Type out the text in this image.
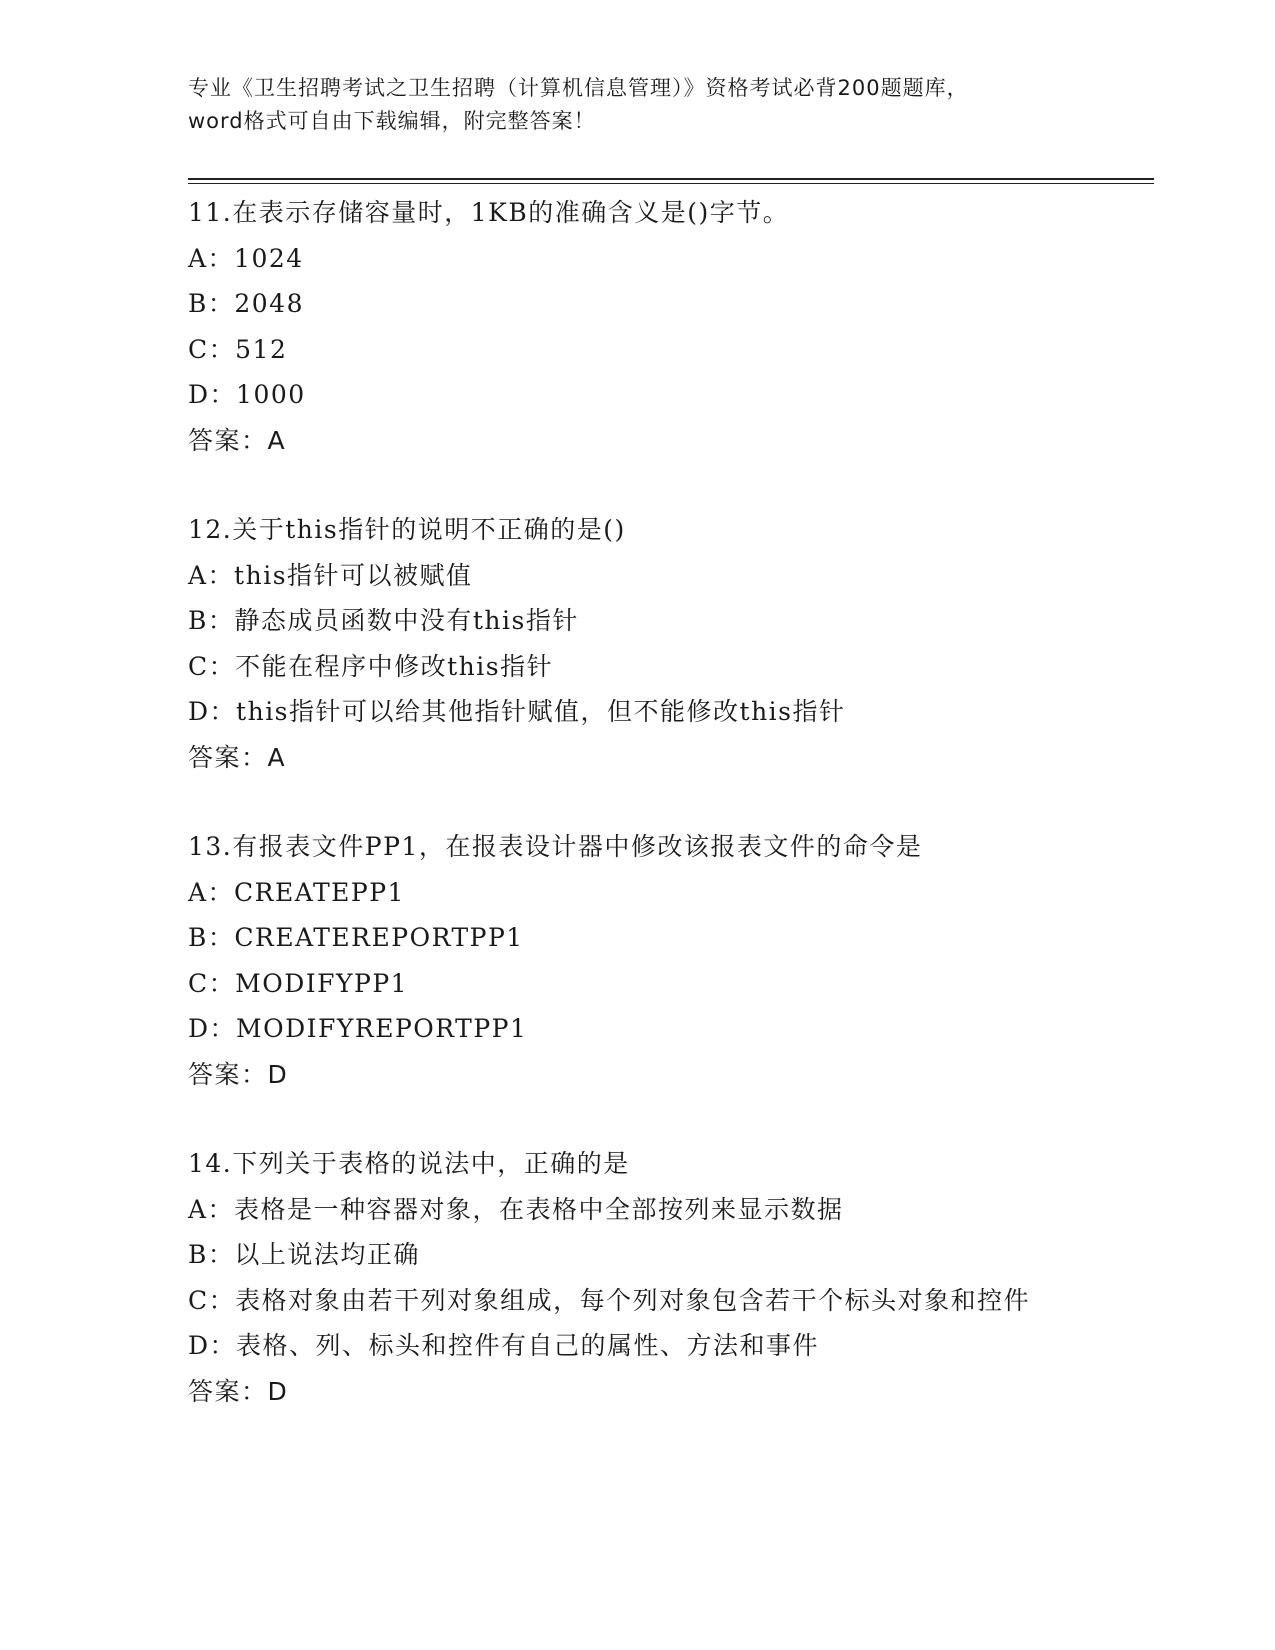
专业《卫生招聘考试之卫生招聘（计算机信息管理）》资格考试必背200题题库，
word格式可自由下载编辑，附完整答案！
11.在表示存储容量时，1KB的准确含义是()字节。
A：1024
B：2048
C：512
D：1000
答案：A
12.关于this指针的说明不正确的是()
A：this指针可以被赋值
B：静态成员函数中没有this指针
C：不能在程序中修改this指针
D：this指针可以给其他指针赋值，但不能修改this指针
答案：A
13.有报表文件PP1，在报表设计器中修改该报表文件的命令是
A：CREATEPP1
B：CREATEREPORTPP1
C：MODIFYPP1
D：MODIFYREPORTPP1
答案：D
14.下列关于表格的说法中，正确的是
A：表格是一种容器对象，在表格中全部按列来显示数据
B：以上说法均正确
C：表格对象由若干列对象组成，每个列对象包含若干个标头对象和控件
D：表格、列、标头和控件有自己的属性、方法和事件
答案：D
